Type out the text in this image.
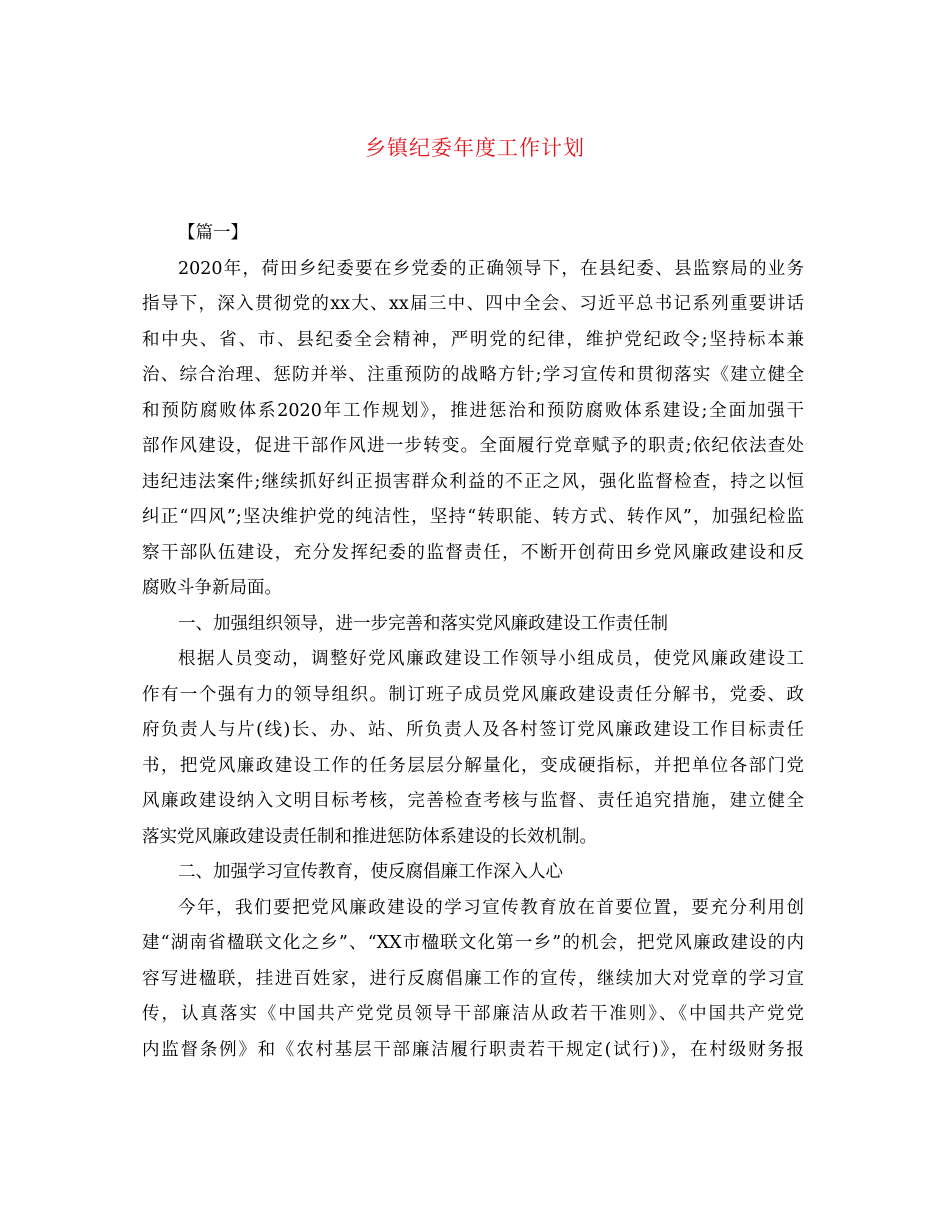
乡镇纪委年度工作计划
【篇一】
2020年，荷田乡纪委要在乡党委的正确领导下，在县纪委、县监察局的业务
指导下，深入贯彻党的xx大、xx届三中、四中全会、习近平总书记系列重要讲话
和中央、省、市、县纪委全会精神，严明党的纪律，维护党纪政令;坚持标本兼
治、综合治理、惩防并举、注重预防的战略方针;学习宣传和贯彻落实《建立健全
和预防腐败体系2020年工作规划》，推进惩治和预防腐败体系建设;全面加强干
部作风建设，促进干部作风进一步转变。全面履行党章赋予的职责;依纪依法查处
违纪违法案件;继续抓好纠正损害群众利益的不正之风，强化监督检查，持之以恒
纠正“四风”;坚决维护党的纯洁性，坚持“转职能、转方式、转作风”，加强纪检监
察干部队伍建设，充分发挥纪委的监督责任，不断开创荷田乡党风廉政建设和反
腐败斗争新局面。
一、加强组织领导，进一步完善和落实党风廉政建设工作责任制
根据人员变动，调整好党风廉政建设工作领导小组成员，使党风廉政建设工
作有一个强有力的领导组织。制订班子成员党风廉政建设责任分解书，党委、政
府负责人与片(线)长、办、站、所负责人及各村签订党风廉政建设工作目标责任
书，把党风廉政建设工作的任务层层分解量化，变成硬指标，并把单位各部门党
风廉政建设纳入文明目标考核，完善检查考核与监督、责任追究措施，建立健全
落实党风廉政建设责任制和推进惩防体系建设的长效机制。
二、加强学习宣传教育，使反腐倡廉工作深入人心
今年，我们要把党风廉政建设的学习宣传教育放在首要位置，要充分利用创
建“湖南省楹联文化之乡”、“XX市楹联文化第一乡”的机会，把党风廉政建设的内
容写进楹联，挂进百姓家，进行反腐倡廉工作的宣传，继续加大对党章的学习宣
传，认真落实《中国共产党党员领导干部廉洁从政若干准则》、《中国共产党党
内监督条例》和《农村基层干部廉洁履行职责若干规定(试行)》，在村级财务报
